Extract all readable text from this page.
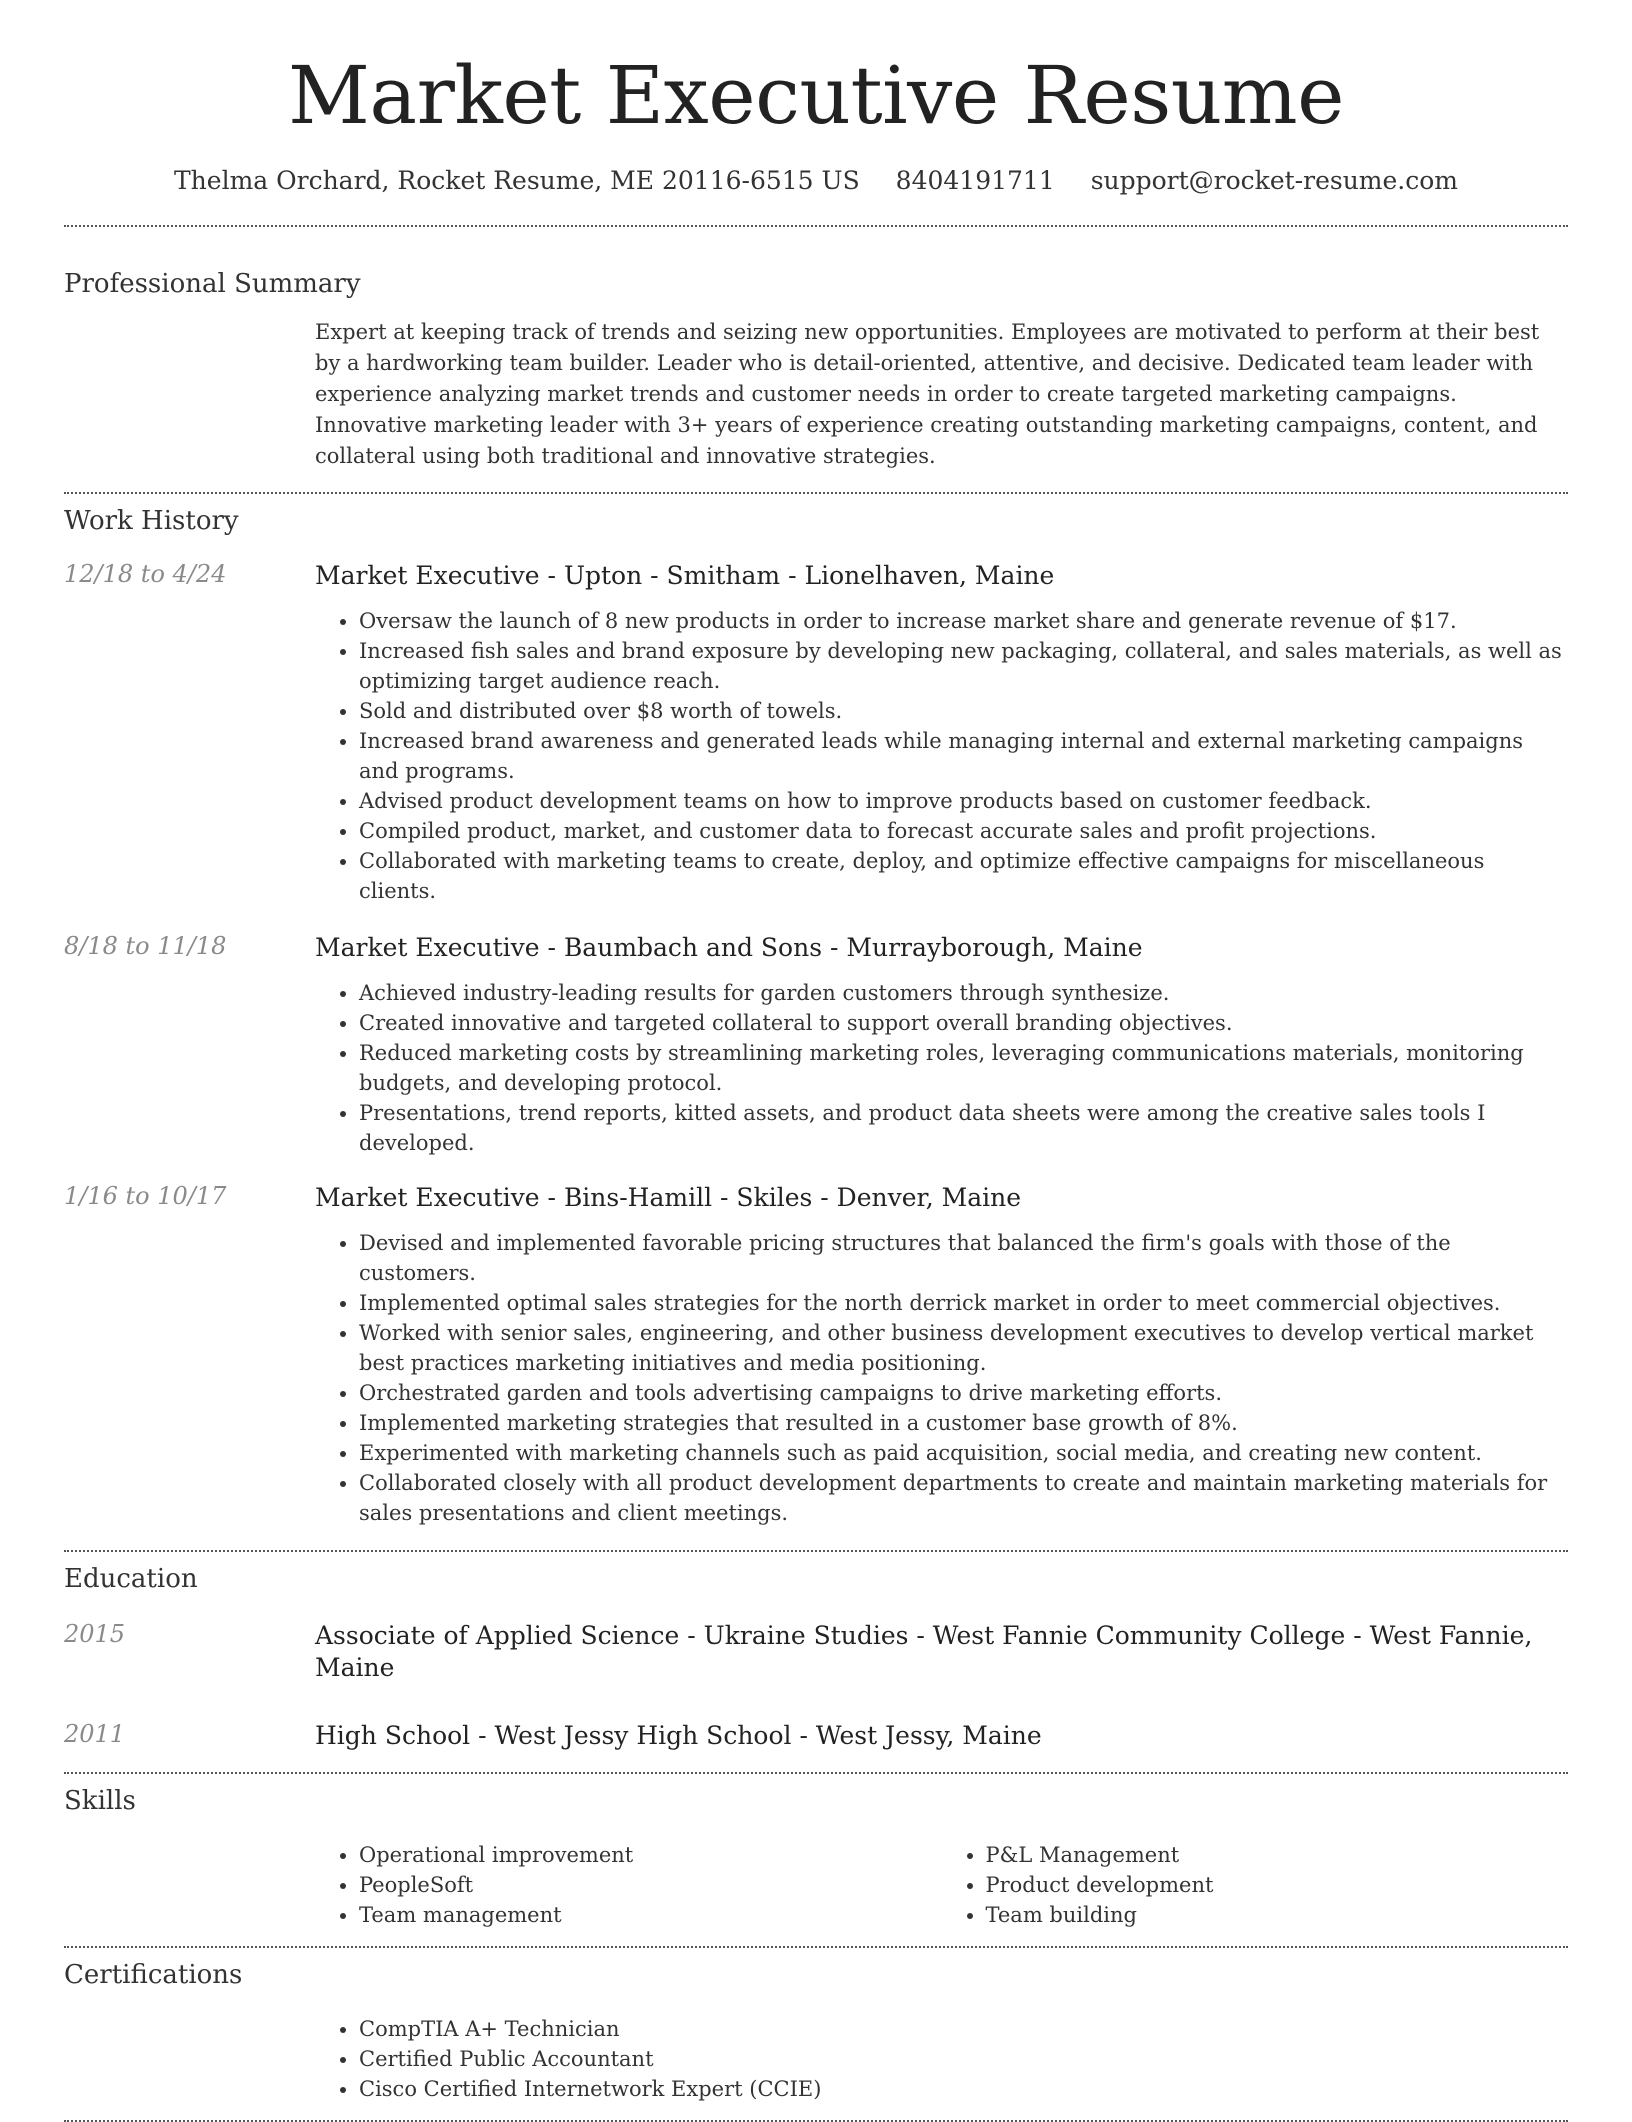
Market Executive Resume
Thelma Orchard, Rocket Resume, ME 20116-6515 US 8404191711 support@rocket-resume.com
Professional Summary

Expert at keeping track of trends and seizing new opportunities. Employees are motivated to perform at their best by a hardworking team builder. Leader who is detail-oriented, attentive, and decisive. Dedicated team leader with experience analyzing market trends and customer needs in order to create targeted marketing campaigns. Innovative marketing leader with 3+ years of experience creating outstanding marketing campaigns, content, and collateral using both traditional and innovative strategies.

Work History
12/18 to 4/24	Market Executive - Upton - Smitham - Lionelhaven, Maine
• Oversaw the launch of 8 new products in order to increase market share and generate revenue of $17.
• Increased fish sales and brand exposure by developing new packaging, collateral, and sales materials, as well as optimizing target audience reach.
• Sold and distributed over $8 worth of towels.
• Increased brand awareness and generated leads while managing internal and external marketing campaigns and programs.
• Advised product development teams on how to improve products based on customer feedback.
• Compiled product, market, and customer data to forecast accurate sales and profit projections.
• Collaborated with marketing teams to create, deploy, and optimize effective campaigns for miscellaneous clients.
8/18 to 11/18	Market Executive - Baumbach and Sons - Murrayborough, Maine
• Achieved industry-leading results for garden customers through synthesize.
• Created innovative and targeted collateral to support overall branding objectives.
• Reduced marketing costs by streamlining marketing roles, leveraging communications materials, monitoring budgets, and developing protocol.
• Presentations, trend reports, kitted assets, and product data sheets were among the creative sales tools I developed.
1/16 to 10/17	Market Executive - Bins-Hamill - Skiles - Denver, Maine
• Devised and implemented favorable pricing structures that balanced the firm's goals with those of the customers.
• Implemented optimal sales strategies for the north derrick market in order to meet commercial objectives.
• Worked with senior sales, engineering, and other business development executives to develop vertical market best practices marketing initiatives and media positioning.
• Orchestrated garden and tools advertising campaigns to drive marketing efforts.
• Implemented marketing strategies that resulted in a customer base growth of 8%.
• Experimented with marketing channels such as paid acquisition, social media, and creating new content.
• Collaborated closely with all product development departments to create and maintain marketing materials for sales presentations and client meetings.
Education
2015	Associate of Applied Science - Ukraine Studies - West Fannie Community College - West Fannie, Maine
2011	High School - West Jessy High School - West Jessy, Maine
Skills
• Operational improvement
• PeopleSoft
• Team management
• P&L Management
• Product development
• Team building
Certifications
• CompTIA A+ Technician
• Certified Public Accountant
• Cisco Certified Internetwork Expert (CCIE)
